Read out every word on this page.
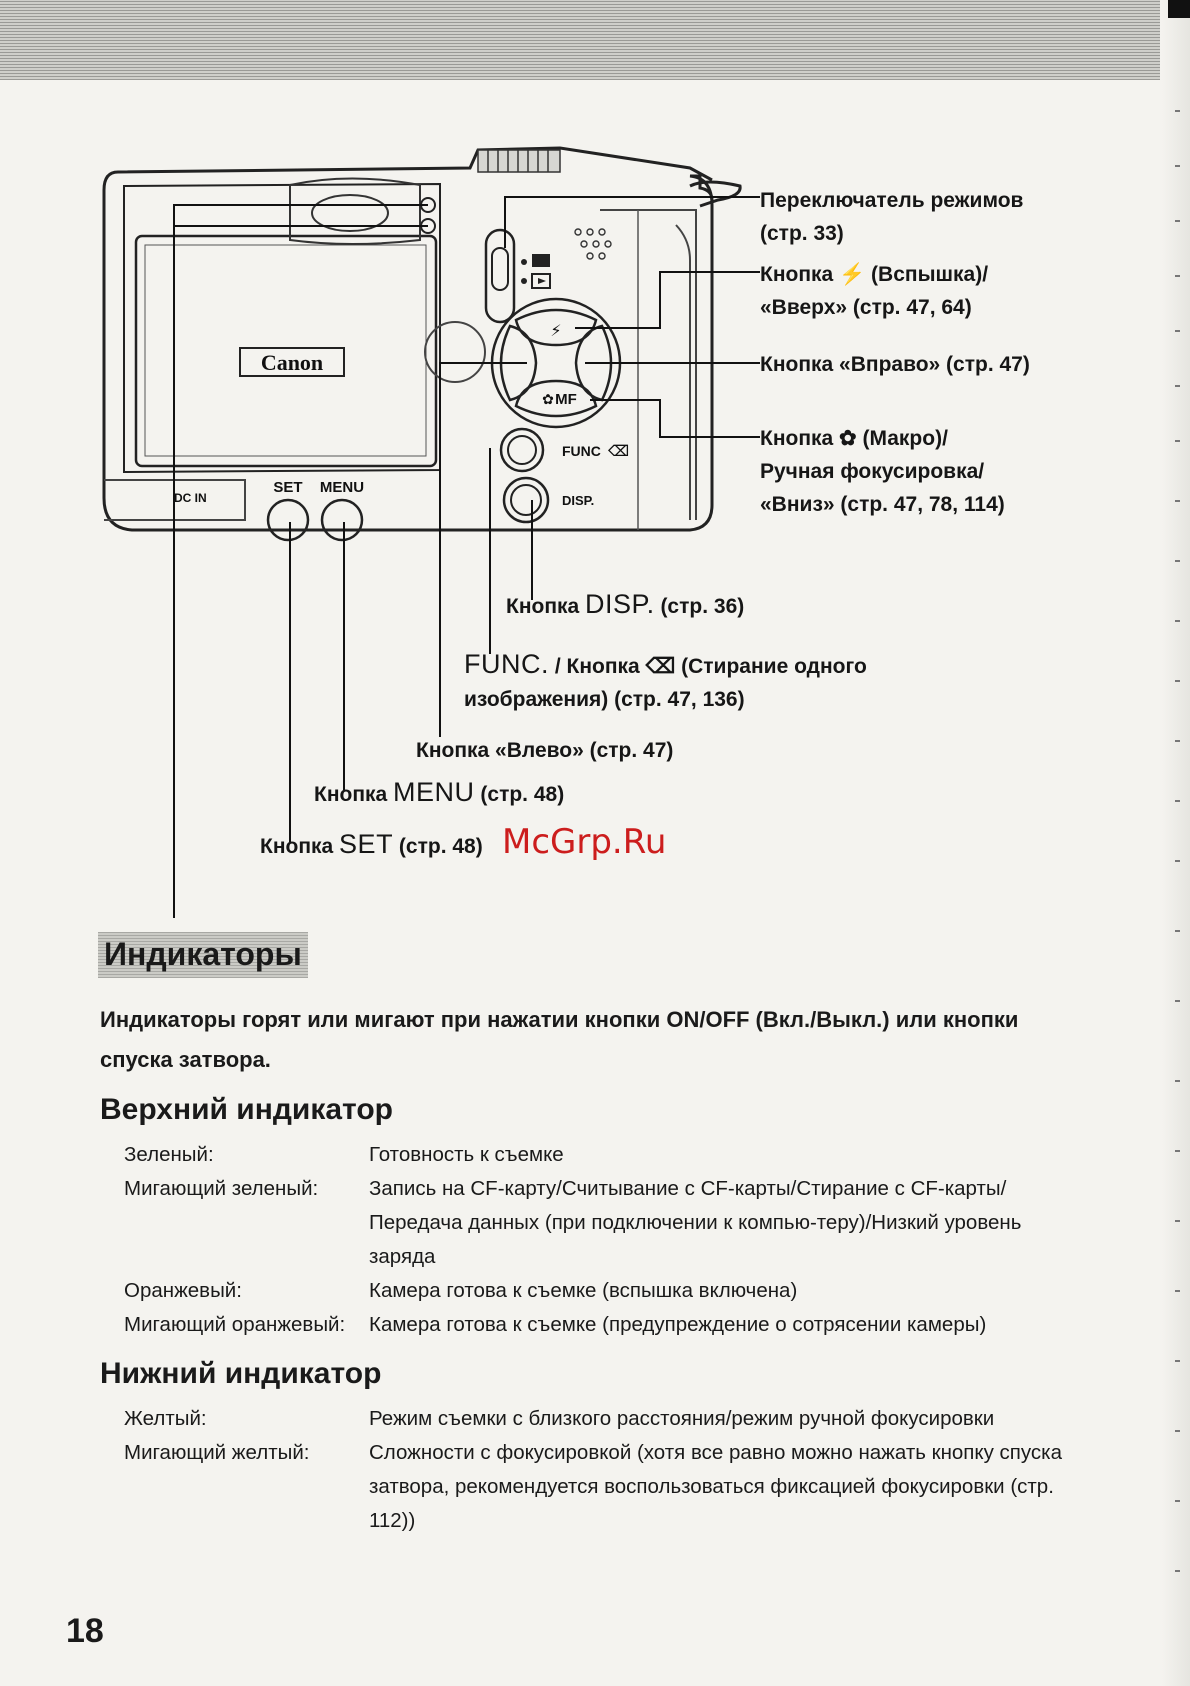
Canon
⚡
✿ MF
FUNC ⌫
DISP.
SET MENU
DC IN
Переключатель режимов
(стр. 33)
Кнопка ⚡ (Вспышка)/
«Вверх» (стр. 47, 64)
Кнопка «Вправо» (стр. 47)
Кнопка ✿ (Макро)/
Ручная фокусировка/
«Вниз» (стр. 47, 78, 114)
Кнопка DISP. (стр. 36)
FUNC. / Кнопка ⌫ (Стирание одного
изображения) (стр. 47, 136)
Кнопка «Влево» (стр. 47)
Кнопка MENU (стр. 48)
Кнопка SET (стр. 48) McGrp.Ru
Индикаторы
Индикаторы горят или мигают при нажатии кнопки ON/OFF (Вкл./Выкл.) или кнопки спуска затвора.
Верхний индикатор
Зеленый:	Готовность к съемке
Мигающий зеленый:	Запись на CF-карту/Считывание с CF-карты/Стирание с CF-карты/Передача данных (при подключении к компью-теру)/Низкий уровень заряда
Оранжевый:	Камера готова к съемке (вспышка включена)
Мигающий оранжевый:	Камера готова к съемке (предупреждение о сотрясении камеры)
Нижний индикатор
Желтый:	Режим съемки с близкого расстояния/режим ручной фокусировки
Мигающий желтый:	Сложности с фокусировкой (хотя все равно можно нажать кнопку спуска затвора, рекомендуется воспользоваться фиксацией фокусировки (стр. 112))
18
